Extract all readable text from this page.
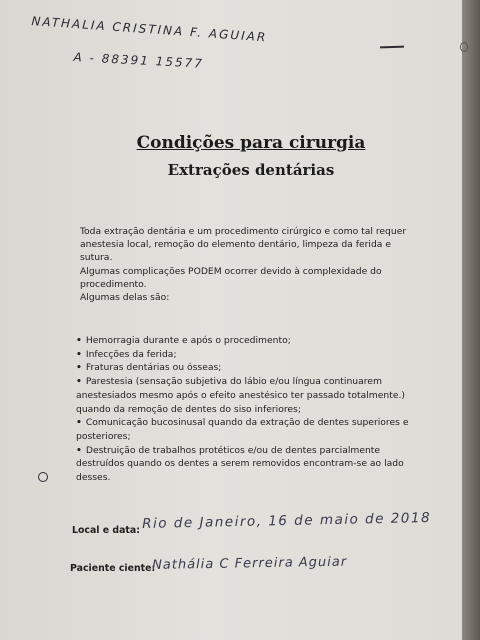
NATHALIA CRISTINA F. AGUIAR
A - 88391 15577
Condições para cirurgia
Extrações dentárias

Toda extração dentária e um procedimento cirúrgico e como tal requer anestesia local, remoção do elemento dentário, limpeza da ferida e sutura.

Algumas complicações PODEM ocorrer devido à complexidade do procedimento.

Algumas delas são:

• Hemorragia durante e após o procedimento;

• Infecções da ferida;

• Fraturas dentárias ou ósseas;

• Parestesia (sensação subjetiva do lábio e/ou língua continuarem anestesiados mesmo após o efeito anestésico ter passado totalmente.) quando da remoção de dentes do siso inferiores;

• Comunicação bucosinusal quando da extração de dentes superiores e posteriores;

• Destruição de trabalhos protéticos e/ou de dentes parcialmente destruídos quando os dentes a serem removidos encontram-se ao lado desses.

Local e data: Rio de Janeiro, 16 de maio de 2018
Paciente ciente:
Nathália C Ferreira Aguiar
